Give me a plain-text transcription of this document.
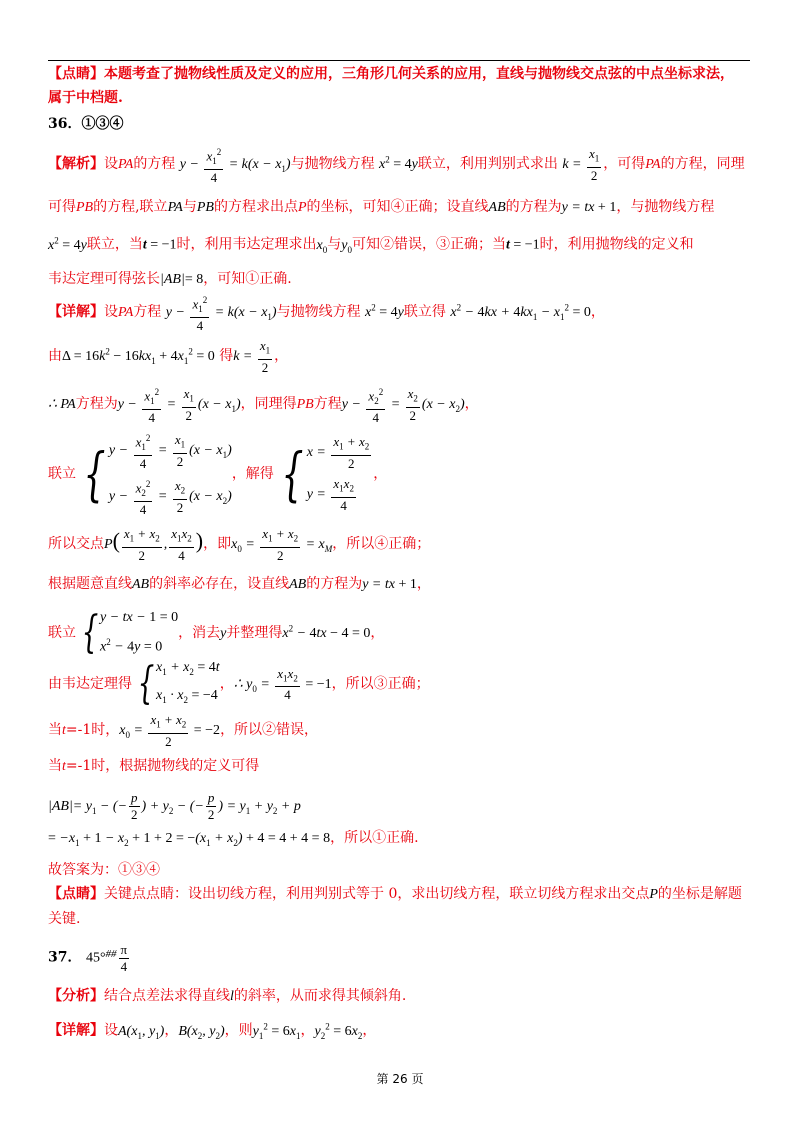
【点睛】本题考查了抛物线性质及定义的应用，三角形几何关系的应用，直线与抛物线交点弦的中点坐标求法，
属于中档题.
36．①③④
【解析】设PA的方程 $y - \frac{x_1^2}{4} = k(x - x_1)$与抛物线方程 $x^2 = 4y$联立，利用判别式求出 $k = \frac{x_1}{2}$ ，可得PA的方程，同理
可得PB的方程,联立PA与PB的方程求出点P的坐标，可知④正确；设直线AB的方程为y = tx + 1，与抛物线方程
$x^2 = 4y$联立，当t = −1时，利用韦达定理求出$x_0$与$y_0$可知②错误，③正确；当t = −1时，利用抛物线的定义和
韦达定理可得弦长|AB|= 8，可知①正确.
【详解】设PA方程 $y - \frac{x_1^2}{4} = k(x - x_1)$与抛物线方程 $x^2 = 4y$联立得 $x^2 - 4kx + 4kx_1 - x_1^2 = 0$，
由$\Delta = 16k^2 - 16kx_1 + 4x_1^2 = 0$ 得$k = \frac{x_1}{2}$ ，
∴ PA方程为$y - \frac{x_1^2}{4} = \frac{x_1}{2} (x - x_1)$，同理得PB方程$y - \frac{x_2^2}{4} = \frac{x_2}{2} (x - x_2)$，
联立 { $y - \frac{x_1^2}{4} = \frac{x_1}{2} (x - x_1)$
$y - \frac{x_2^2}{4} = \frac{x_2}{2} (x - x_2)$
，解得 { $x = \frac{x_1 + x_2}{2}$
$y = \frac{x_1x_2}{4}$
，
所以交点$P( \frac{x_1 + x_2}{2}$ , $\frac{x_1x_2}{4}$ )，即$x_0 = \frac{x_1 + x_2}{2} = x_M$，所以④正确；
根据题意直线AB的斜率必存在，设直线AB的方程为y = tx + 1，
联立 { y − tx − 1 = 0
$x^2 - 4y = 0$
，消去y并整理得$x^2 - 4tx - 4 = 0$，
由韦达定理得 { $x_1 + x_2 = 4t$
$x_1 \cdot x_2 = -4$
，∴ $y_0 = \frac{x_1x_2}{4} = -1$，所以③正确；
当t=-1时，$x_0 = \frac{x_1 + x_2}{2} = -2$，所以②错误，
当t=-1时，根据抛物线的定义可得
$|AB|= y_1$ − (− $\frac{p}{2}$ ) + $y_2$ − (− $\frac{p}{2}$ ) = $y_1 + y_2 + p$
= $-x_1 + 1 - x_2 + 1 + 2 = -(x_1 + x_2) + 4 = 4 + 4 = 8$，所以①正确.
故答案为：①③④
【点睛】关键点点睛：设出切线方程，利用判别式等于 0，求出切线方程，联立切线方程求出交点P的坐标是解题
关键.
37． $45^\circ^{\#\#} \frac{\pi}{4}$
【分析】结合点差法求得直线l的斜率，从而求得其倾斜角.
【详解】设$A(x_1$, $y_1$)，$B(x_2$, $y_2$)，则$y_1^2 = 6x_1$，$y_2^2 = 6x_2$，
第 26 页
